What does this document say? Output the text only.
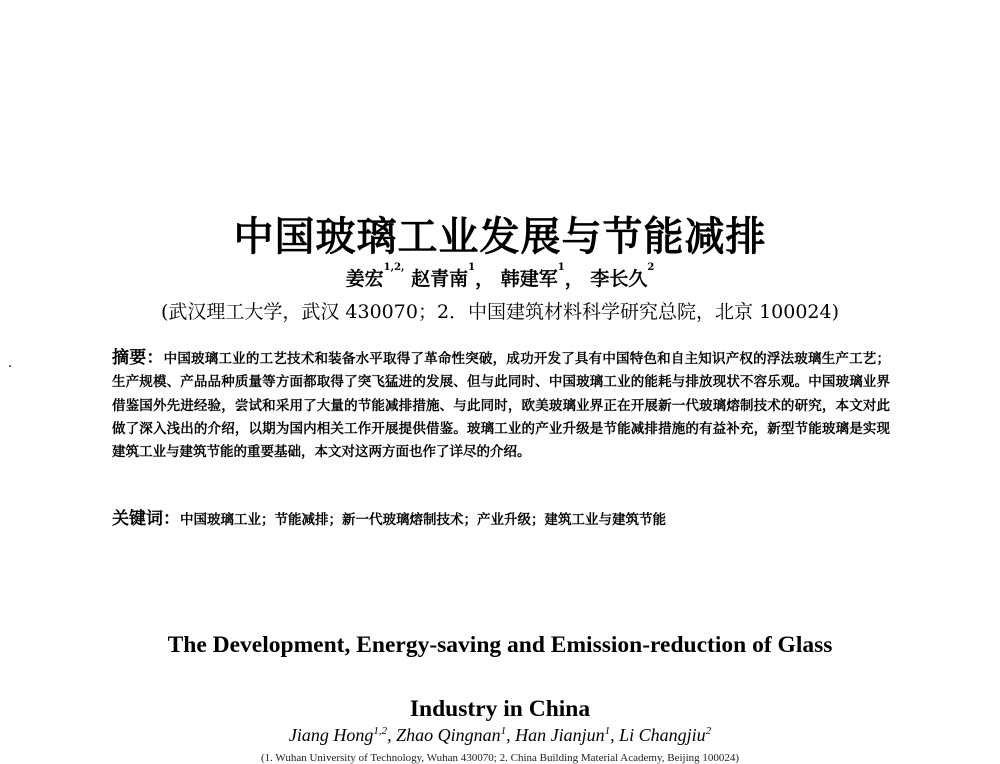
中国玻璃工业发展与节能减排
姜宏$^{1,2,}$ 赵青南$^1$， 韩建军$^1$， 李长久$^2$
(武汉理工大学，武汉 430070；2．中国建筑材料科学研究总院，北京 100024)
摘要：中国玻璃工业的工艺技术和装备水平取得了革命性突破，成功开发了具有中国特色和自主知识产权的浮法玻璃生产工艺；生产规模、产品品种质量等方面都取得了突飞猛进的发展、但与此同时、中国玻璃工业的能耗与排放现状不容乐观。中国玻璃业界借鉴国外先进经验，尝试和采用了大量的节能减排措施、与此同时，欧美玻璃业界正在开展新一代玻璃熔制技术的研究，本文对此做了深入浅出的介绍，以期为国内相关工作开展提供借鉴。玻璃工业的产业升级是节能减排措施的有益补充，新型节能玻璃是实现建筑工业与建筑节能的重要基础，本文对这两方面也作了详尽的介绍。
关键词：中国玻璃工业；节能减排；新一代玻璃熔制技术；产业升级；建筑工业与建筑节能
The Development, Energy-saving and Emission-reduction of Glass
Industry in China
Jiang Hong$^{1,2}$, Zhao Qingnan$^1$, Han Jianjun$^1$, Li Changjiu$^2$
(1. Wuhan University of Technology, Wuhan 430070; 2. China Building Material Academy, Beijing 100024)
